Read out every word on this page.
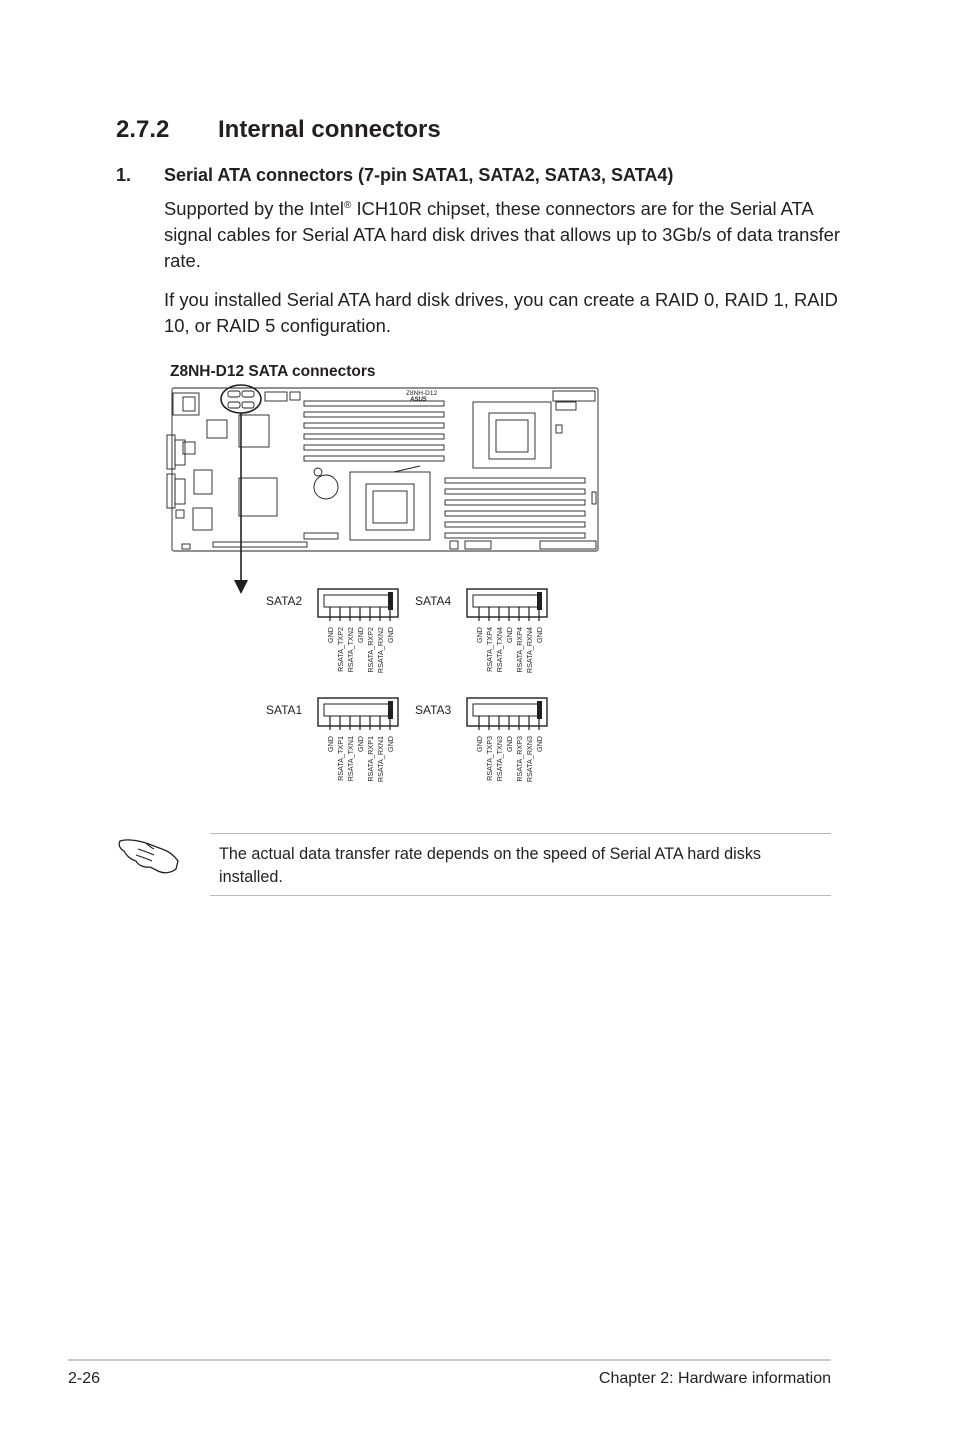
2.7.2 Internal connectors
1. Serial ATA connectors (7-pin SATA1, SATA2, SATA3, SATA4)
Supported by the Intel® ICH10R chipset, these connectors are for the Serial ATA signal cables for Serial ATA hard disk drives that allows up to 3Gb/s of data transfer rate.
If you installed Serial ATA hard disk drives, you can create a RAID 0, RAID 1, RAID 10, or RAID 5 configuration.
Z8NH-D12 SATA connectors
Z8NH-D12
ASUS
SATA2
GND RSATA_TXP2 RSATA_TXN2 GND RSATA_RXP2 RSATA_RXN2 GND
SATA4
GND RSATA_TXP4 RSATA_TXN4 GND RSATA_RXP4 RSATA_RXN4 GND
SATA1
GND RSATA_TXP1 RSATA_TXN1 GND RSATA_RXP1 RSATA_RXN1 GND
SATA3
GND RSATA_TXP3 RSATA_TXN3 GND RSATA_RXP3 RSATA_RXN3 GND
The actual data transfer rate depends on the speed of Serial ATA hard disks installed.
2-26	Chapter 2: Hardware information
